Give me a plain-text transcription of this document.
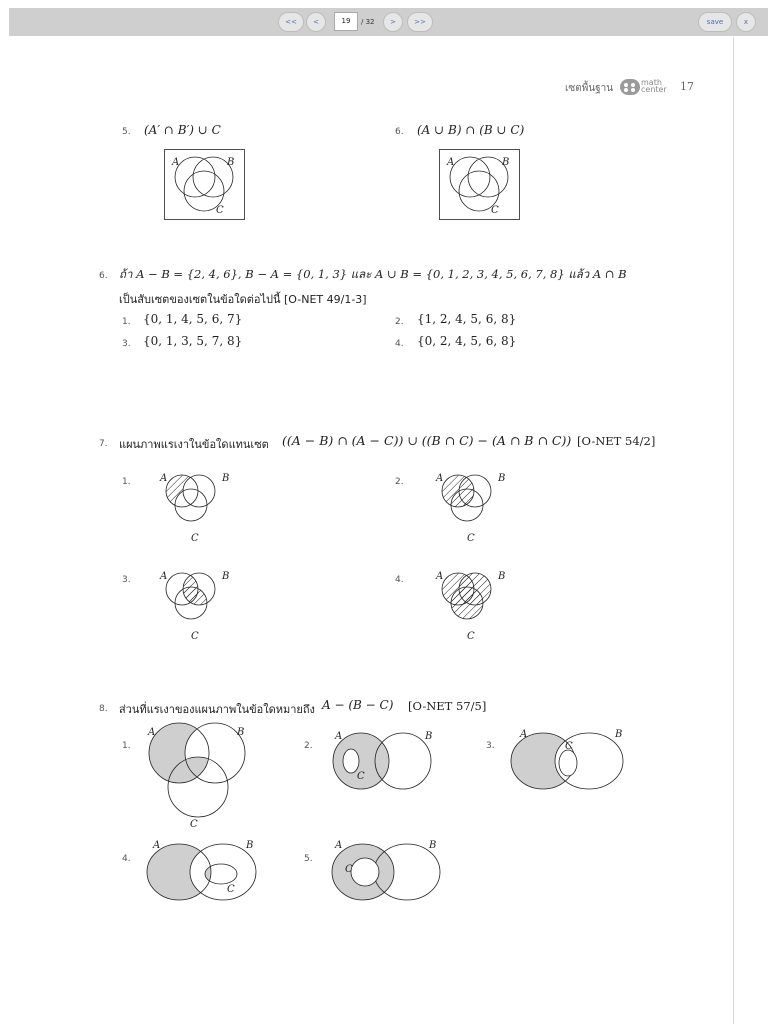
<<	<	19	/ 32	>	>>	save	x
เซตพื้นฐาน
math center	17
5. (A′ ∩ B′) ∪ C	6. (A ∪ B) ∩ (B ∪ C)
A	B
C
A	B
C
6. ถ้า A − B = {2, 4, 6}, B − A = {0, 1, 3} และ A ∪ B = {0, 1, 2, 3, 4, 5, 6, 7, 8} แล้ว A ∩ B
เป็นสับเซตของเซตในข้อใดต่อไปนี้ [O-NET 49/1-3]
1. {0, 1, 4, 5, 6, 7}	2. {1, 2, 4, 5, 6, 8}
3. {0, 1, 3, 5, 7, 8}	4. {0, 2, 4, 5, 6, 8}
7. แผนภาพแรเงาในข้อใดแทนเซต ((A − B) ∩ (A − C)) ∪ ((B ∩ C) − (A ∩ B ∩ C)) [O-NET 54/2]
1.	2.
3.	4.
A	B
C
A	B
C
A	B
C
A	B
C
8. ส่วนที่แรเงาของแผนภาพในข้อใดหมายถึง A − (B − C) [O-NET 57/5]
1.	2.	3.
4.	5.
A	B
C
A	B
C
A	B
C
A	B
C
A	B
C
